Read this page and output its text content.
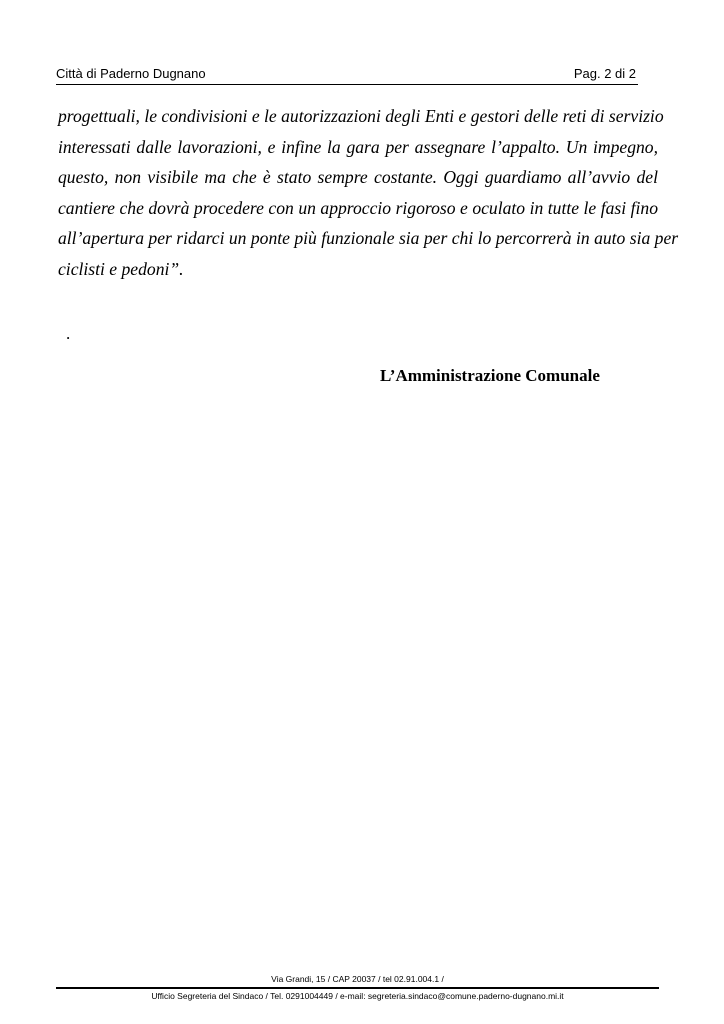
Città di Paderno Dugnano	Pag. 2 di 2
progettuali, le condivisioni e le autorizzazioni degli Enti e gestori delle reti di servizio
interessati dalle lavorazioni, e infine la gara per assegnare l’appalto. Un impegno,
questo, non visibile ma che è stato sempre costante. Oggi guardiamo all’avvio del
cantiere che dovrà procedere con un approccio rigoroso e oculato in tutte le fasi fino
all’apertura per ridarci un ponte più funzionale sia per chi lo percorrerà in auto sia per
ciclisti e pedoni”.
.
L’Amministrazione Comunale
Via Grandi, 15 / CAP 20037 / tel 02.91.004.1 /
Ufficio Segreteria del Sindaco / Tel. 0291004449 / e-mail: segreteria.sindaco@comune.paderno-dugnano.mi.it
